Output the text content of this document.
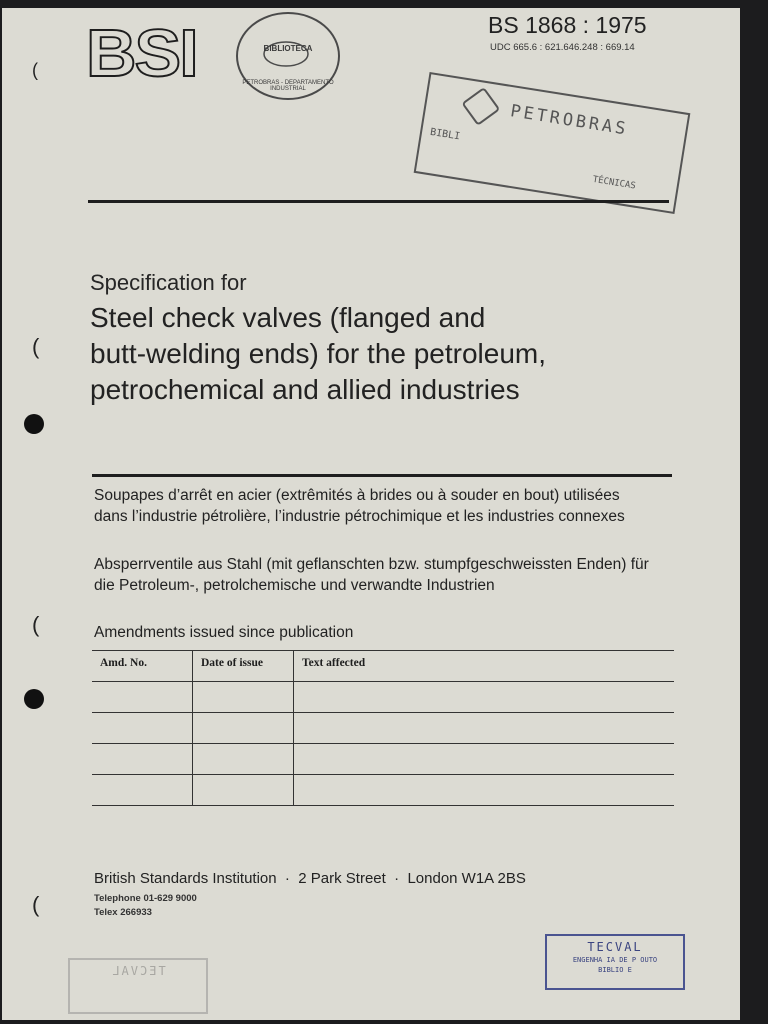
BSI	BS 1868 : 1975
UDC 665.6 : 621.646.248 : 669.14
BIBLIOTECA
PETROBRAS - DEPARTAMENTO INDUSTRIAL
PETROBRAS
BIBLI
TÉCNICAS
Specification for
Steel check valves (flanged and
butt-welding ends) for the petroleum,
petrochemical and allied industries
Soupapes d’arrêt en acier (extrêmités à brides ou à souder en bout) utilisées dans l’industrie pétrolière, l’industrie pétrochimique et les industries connexes
Absperrventile aus Stahl (mit geflanschten bzw. stumpfgeschweissten Enden) für die Petroleum-, petrolchemische und verwandte Industrien
Amendments issued since publication
Amd. No.	Date of issue	Text affected

British Standards Institution  ·  2 Park Street  ·  London W1A 2BS
Telephone 01-629 9000
Telex 266933
TECVAL
ENGENHA IA DE P OUTO
BIBLIO E
TECVAL
(
(
(
(
